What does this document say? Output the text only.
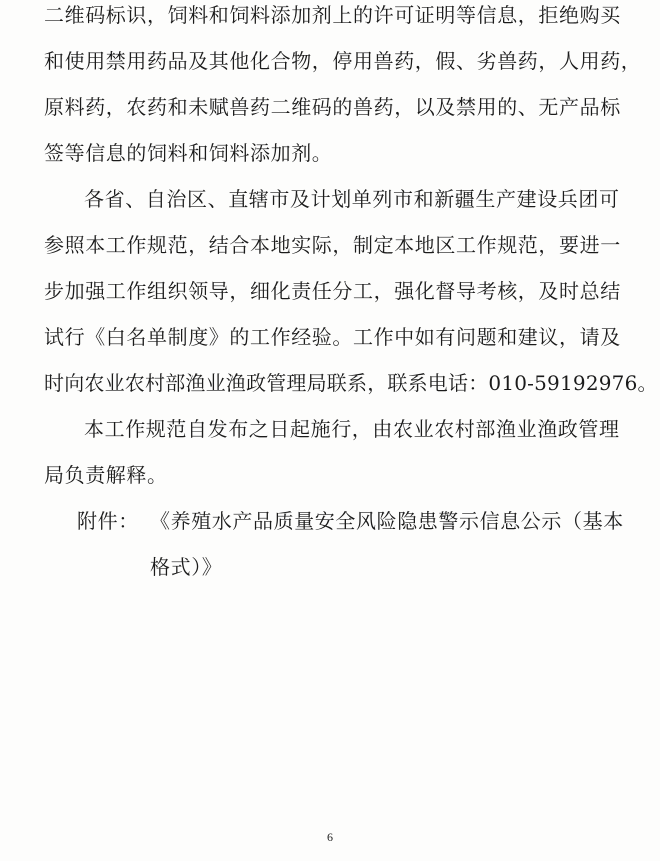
二维码标识，饲料和饲料添加剂上的许可证明等信息，拒绝购买
和使用禁用药品及其他化合物，停用兽药，假、劣兽药，人用药，
原料药，农药和未赋兽药二维码的兽药，以及禁用的、无产品标
签等信息的饲料和饲料添加剂。
各省、自治区、直辖市及计划单列市和新疆生产建设兵团可
参照本工作规范，结合本地实际，制定本地区工作规范，要进一
步加强工作组织领导，细化责任分工，强化督导考核，及时总结
试行《白名单制度》的工作经验。工作中如有问题和建议，请及
时向农业农村部渔业渔政管理局联系，联系电话：010-59192976。
本工作规范自发布之日起施行，由农业农村部渔业渔政管理
局负责解释。
附件： 《养殖水产品质量安全风险隐患警示信息公示（基本
格式）》
6
